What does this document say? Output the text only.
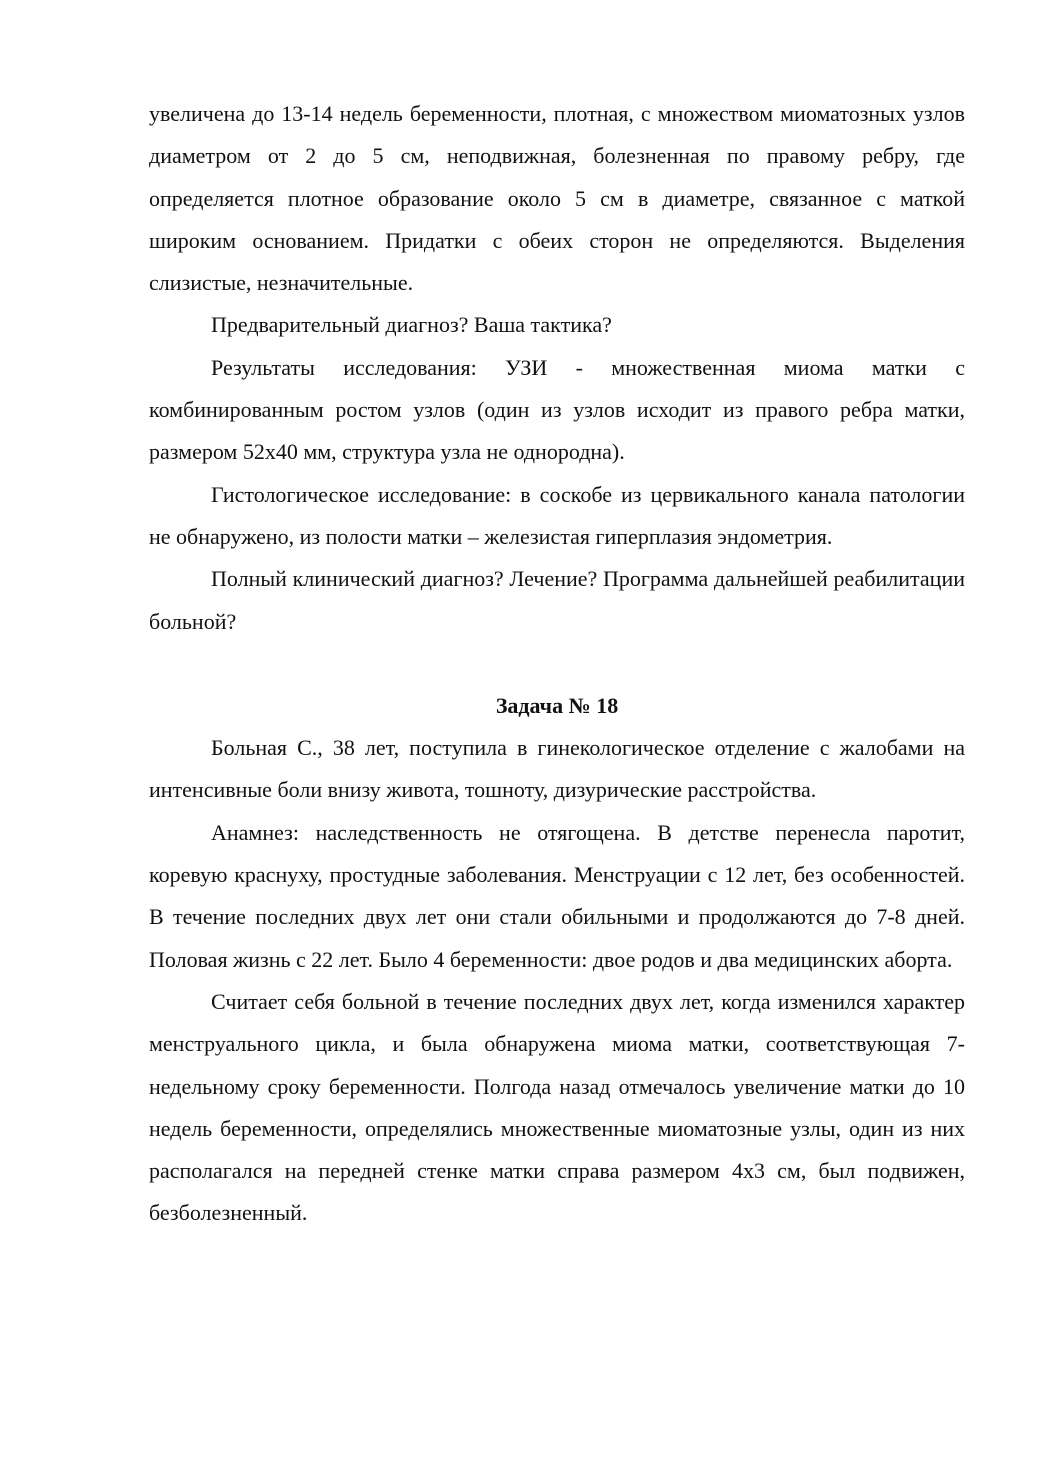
увеличена до 13-14 недель беременности, плотная, с множеством миоматозных узлов диаметром от 2 до 5 см, неподвижная, болезненная по правому ребру, где определяется плотное образование около 5 см в диаметре, связанное с маткой широким основанием. Придатки с обеих сторон не определяются. Выделения слизистые, незначительные.

Предварительный диагноз? Ваша тактика?

Результаты исследования: УЗИ - множественная миома матки с комбинированным ростом узлов (один из узлов исходит из правого ребра матки, размером 52х40 мм, структура узла не однородна).

Гистологическое исследование: в соскобе из цервикального канала патологии не обнаружено, из полости матки – железистая гиперплазия эндометрия.

Полный клинический диагноз? Лечение? Программа дальнейшей реабилитации больной?

Задача № 18

Больная С., 38 лет, поступила в гинекологическое отделение с жалобами на интенсивные боли внизу живота, тошноту, дизурические расстройства.

Анамнез: наследственность не отягощена. В детстве перенесла паротит, коревую краснуху, простудные заболевания. Менструации с 12 лет, без особенностей. В течение последних двух лет они стали обильными и продолжаются до 7-8 дней. Половая жизнь с 22 лет. Было 4 беременности: двое родов и два медицинских аборта.

Считает себя больной в течение последних двух лет, когда изменился характер менструального цикла, и была обнаружена миома матки, соответствующая 7-недельному сроку беременности. Полгода назад отмечалось увеличение матки до 10 недель беременности, определялись множественные миоматозные узлы, один из них располагался на передней стенке матки справа размером 4х3 см, был подвижен, безболезненный.
